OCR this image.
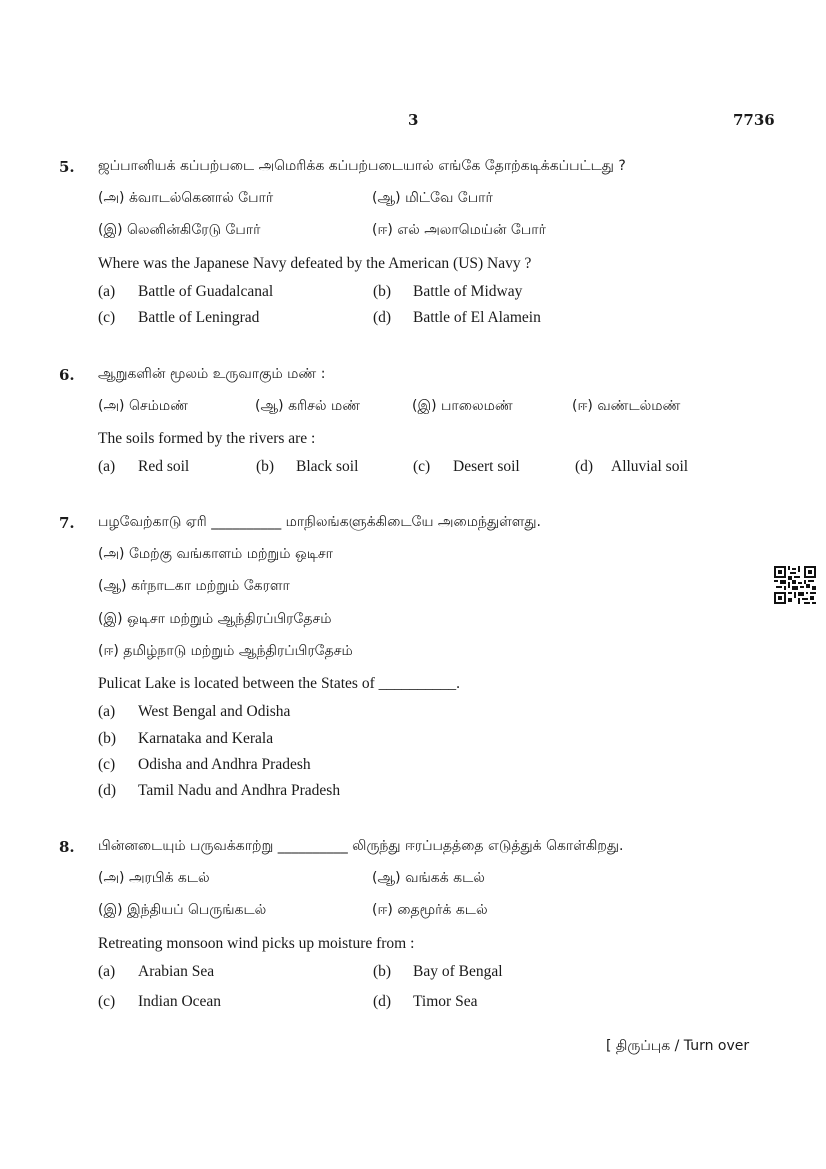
3	7736
5. ஜப்பானியக் கப்பற்படை அமெரிக்க கப்பற்படையால் எங்கே தோற்கடிக்கப்பட்டது ?
(அ) க்வாடல்கெனால் போர்	(ஆ) மிட்வே போர்
(இ) லெனின்கிரேடு போர்	(ஈ) எல் அலாமெய்ன் போர்
Where was the Japanese Navy defeated by the American (US) Navy ?
(a) Battle of Guadalcanal	(b) Battle of Midway
(c) Battle of Leningrad	(d) Battle of El Alamein
6. ஆறுகளின் மூலம் உருவாகும் மண் :
(அ) செம்மண்	(ஆ) கரிசல் மண்	(இ) பாலைமண்	(ஈ) வண்டல்மண்
The soils formed by the rivers are :
(a) Red soil	(b) Black soil	(c) Desert soil	(d) Alluvial soil
7. பழவேற்காடு ஏரி __________ மாநிலங்களுக்கிடையே அமைந்துள்ளது.
(அ) மேற்கு வங்காளம் மற்றும் ஒடிசா
(ஆ) கர்நாடகா மற்றும் கேரளா
(இ) ஒடிசா மற்றும் ஆந்திரப்பிரதேசம்
(ஈ) தமிழ்நாடு மற்றும் ஆந்திரப்பிரதேசம்
Pulicat Lake is located between the States of __________.
(a) West Bengal and Odisha
(b) Karnataka and Kerala
(c) Odisha and Andhra Pradesh
(d) Tamil Nadu and Andhra Pradesh
8. பின்னடையும் பருவக்காற்று __________ லிருந்து ஈரப்பதத்தை எடுத்துக் கொள்கிறது.
(அ) அரபிக் கடல்	(ஆ) வங்கக் கடல்
(இ) இந்தியப் பெருங்கடல்	(ஈ) தைமூர்க் கடல்
Retreating monsoon wind picks up moisture from :
(a) Arabian Sea	(b) Bay of Bengal
(c) Indian Ocean	(d) Timor Sea
[ திருப்புக / Turn over
